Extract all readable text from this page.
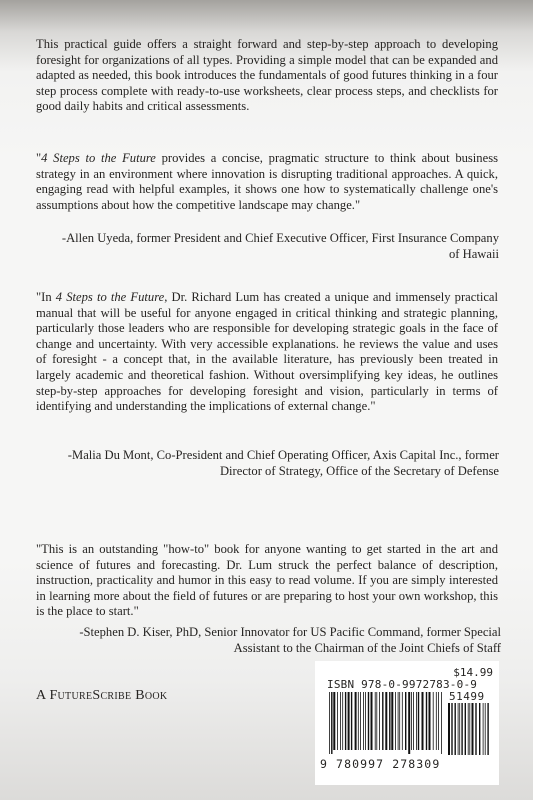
This practical guide offers a straight forward and step-by-step approach to developing foresight for organizations of all types. Providing a simple model that can be expanded and adapted as needed, this book introduces the fundamentals of good futures thinking in a four step process complete with ready-to-use worksheets, clear process steps, and checklists for good daily habits and critical assessments.

"4 Steps to the Future provides a concise, pragmatic structure to think about business strategy in an environment where innovation is disrupting traditional approaches. A quick, engaging read with helpful examples, it shows one how to systematically challenge one's assumptions about how the competitive landscape may change."

-Allen Uyeda, former President and Chief Executive Officer, First Insurance Company of Hawaii

"In 4 Steps to the Future, Dr. Richard Lum has created a unique and immensely practical manual that will be useful for anyone engaged in critical thinking and strategic planning, particularly those leaders who are responsible for developing strategic goals in the face of change and uncertainty. With very accessible explanations. he reviews the value and uses of foresight - a concept that, in the available literature, has previously been treated in largely academic and theoretical fashion. Without oversimplifying key ideas, he outlines step-by-step approaches for developing foresight and vision, particularly in terms of identifying and understanding the implications of external change."

-Malia Du Mont, Co-President and Chief Operating Officer, Axis Capital Inc., former Director of Strategy, Office of the Secretary of Defense

"This is an outstanding "how-to" book for anyone wanting to get started in the art and science of futures and forecasting. Dr. Lum struck the perfect balance of description, instruction, practicality and humor in this easy to read volume. If you are simply interested in learning more about the field of futures or are preparing to host your own workshop, this is the place to start."

-Stephen D. Kiser, PhD, Senior Innovator for US Pacific Command, former Special Assistant to the Chairman of the Joint Chiefs of Staff

A FutureScribe Book
$14.99
ISBN 978-0-9972783-0-9
51499
9 780997 278309
